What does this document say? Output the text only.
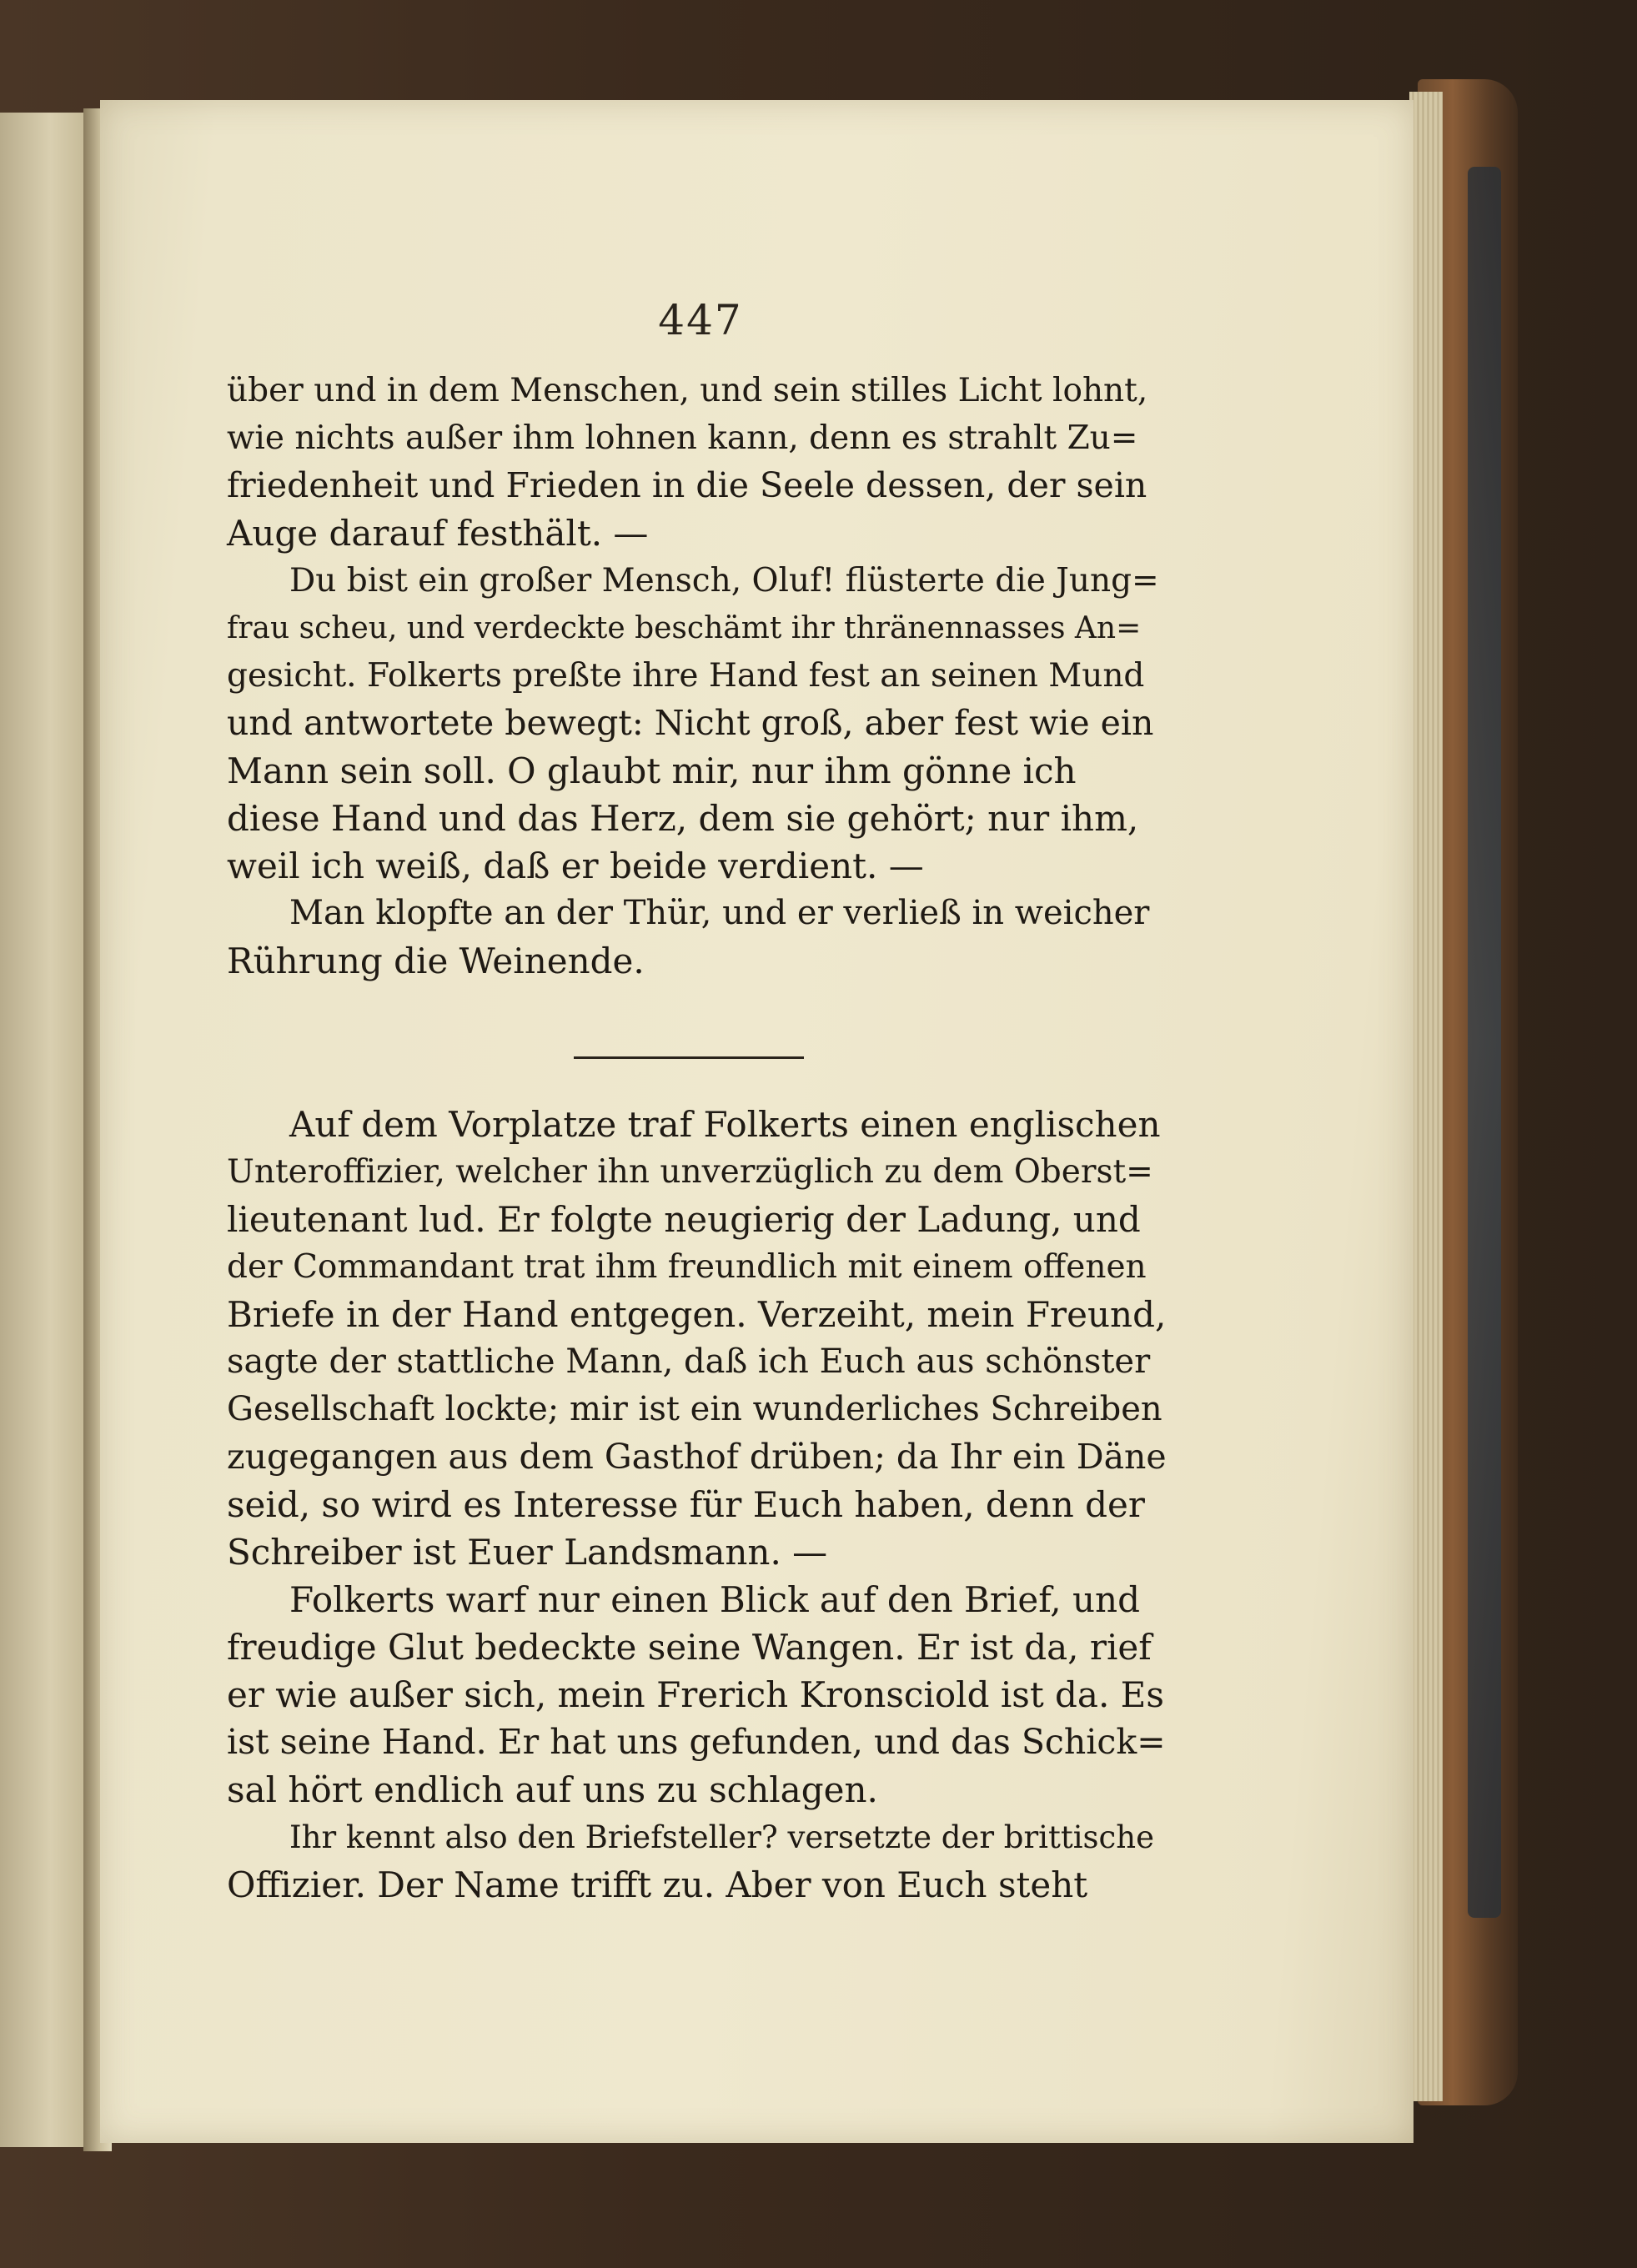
447
über und in dem Menschen, und sein stilles Licht lohnt,
wie nichts außer ihm lohnen kann, denn es strahlt Zu=
friedenheit und Frieden in die Seele dessen, der sein
Auge darauf festhält. —
Du bist ein großer Mensch, Oluf! flüsterte die Jung=
frau scheu, und verdeckte beschämt ihr thränennasses An=
gesicht. Folkerts preßte ihre Hand fest an seinen Mund
und antwortete bewegt: Nicht groß, aber fest wie ein
Mann sein soll. O glaubt mir, nur ihm gönne ich
diese Hand und das Herz, dem sie gehört; nur ihm,
weil ich weiß, daß er beide verdient. —
Man klopfte an der Thür, und er verließ in weicher
Rührung die Weinende.
Auf dem Vorplatze traf Folkerts einen englischen
Unteroffizier, welcher ihn unverzüglich zu dem Oberst=
lieutenant lud. Er folgte neugierig der Ladung, und
der Commandant trat ihm freundlich mit einem offenen
Briefe in der Hand entgegen. Verzeiht, mein Freund,
sagte der stattliche Mann, daß ich Euch aus schönster
Gesellschaft lockte; mir ist ein wunderliches Schreiben
zugegangen aus dem Gasthof drüben; da Ihr ein Däne
seid, so wird es Interesse für Euch haben, denn der
Schreiber ist Euer Landsmann. —
Folkerts warf nur einen Blick auf den Brief, und
freudige Glut bedeckte seine Wangen. Er ist da, rief
er wie außer sich, mein Frerich Kronsciold ist da. Es
ist seine Hand. Er hat uns gefunden, und das Schick=
sal hört endlich auf uns zu schlagen.
Ihr kennt also den Briefsteller? versetzte der brittische
Offizier. Der Name trifft zu. Aber von Euch steht
